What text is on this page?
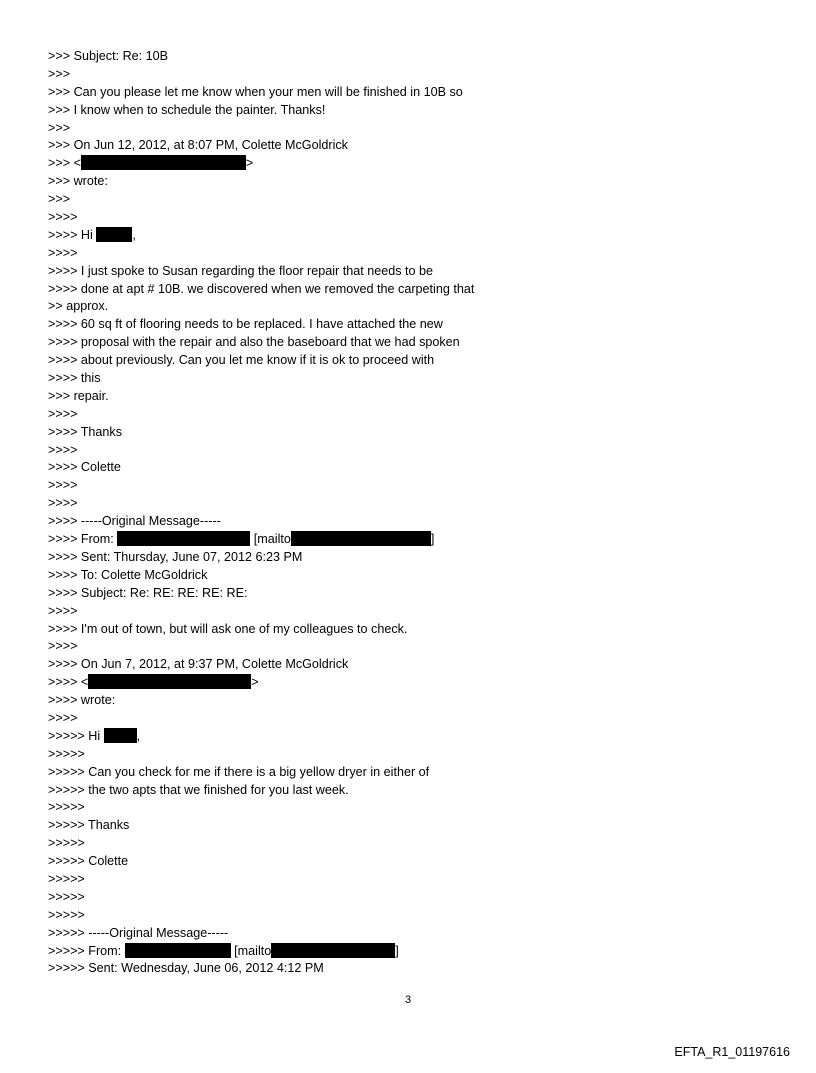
>>> Subject: Re: 10B
>>>
>>> Can you please let me know when your men will be finished in 10B so
>>> I know when to schedule the painter. Thanks!
>>>
>>> On Jun 12, 2012, at 8:07 PM, Colette McGoldrick
>>> <	>
>>> wrote:
>>>
>>>>
>>>> Hi	,
>>>>
>>>> I just spoke to Susan regarding the floor repair that needs to be
>>>> done at apt # 10B. we discovered when we removed the carpeting that
>> approx.
>>>> 60 sq ft of flooring needs to be replaced. I have attached the new
>>>> proposal with the repair and also the baseboard that we had spoken
>>>> about previously. Can you let me know if it is ok to proceed with
>>>> this
>>> repair.
>>>>
>>>> Thanks
>>>>
>>>> Colette
>>>>
>>>>
>>>> -----Original Message-----
>>>> From:	[mailto	]
>>>> Sent: Thursday, June 07, 2012 6:23 PM
>>>> To: Colette McGoldrick
>>>> Subject: Re: RE: RE: RE: RE:
>>>>
>>>> I'm out of town, but will ask one of my colleagues to check.
>>>>
>>>> On Jun 7, 2012, at 9:37 PM, Colette McGoldrick
>>>> <	>
>>>> wrote:
>>>>
>>>>> Hi	,
>>>>>
>>>>> Can you check for me if there is a big yellow dryer in either of
>>>>> the two apts that we finished for you last week.
>>>>>
>>>>> Thanks
>>>>>
>>>>> Colette
>>>>>
>>>>>
>>>>>
>>>>> -----Original Message-----
>>>>> From:	[mailto	]
>>>>> Sent: Wednesday, June 06, 2012 4:12 PM
3
EFTA_R1_01197616
